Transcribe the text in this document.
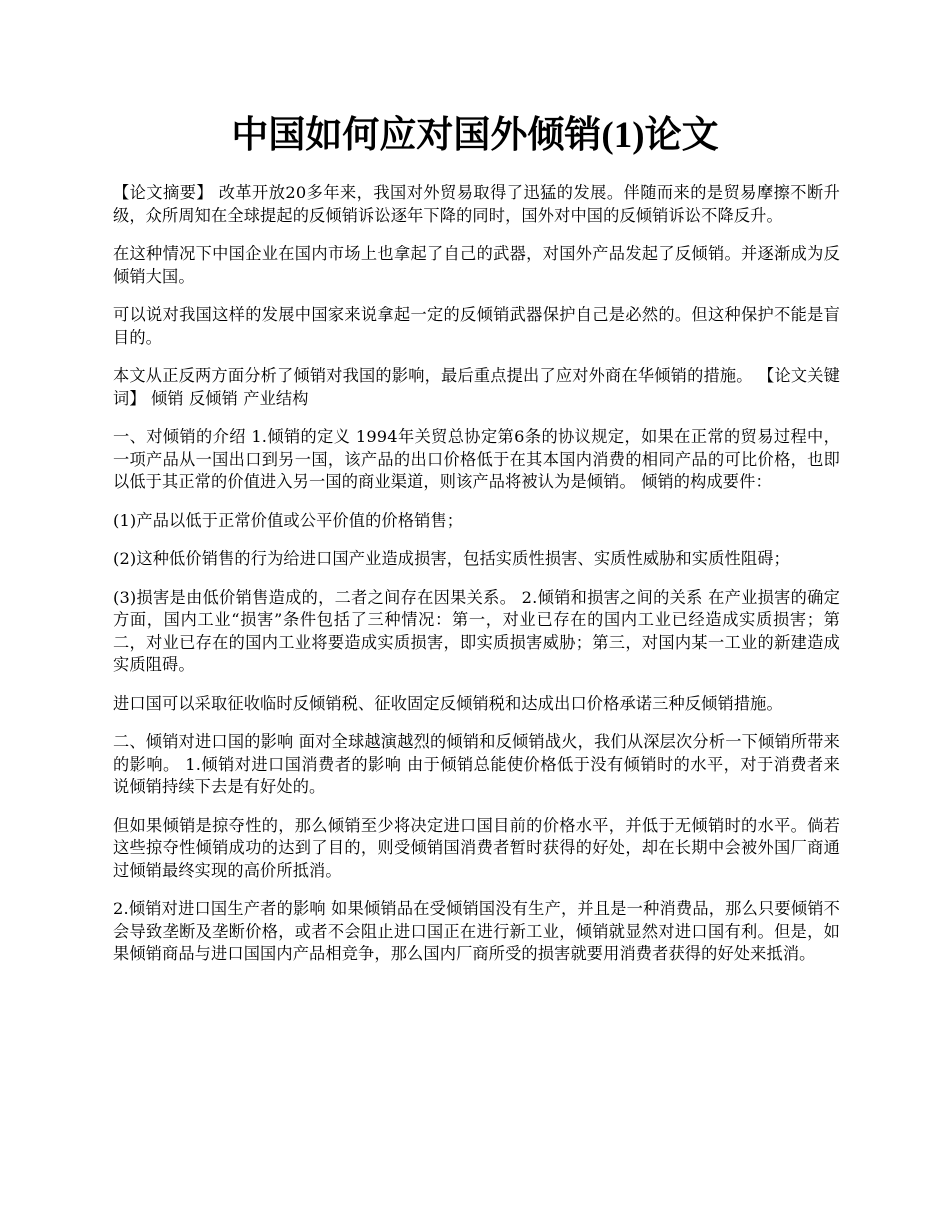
中国如何应对国外倾销(1)论文

【论文摘要】 改革开放20多年来，我国对外贸易取得了迅猛的发展。伴随而来的是贸易摩擦不断升级，众所周知在全球提起的反倾销诉讼逐年下降的同时，国外对中国的反倾销诉讼不降反升。

在这种情况下中国企业在国内市场上也拿起了自己的武器，对国外产品发起了反倾销。并逐渐成为反倾销大国。

可以说对我国这样的发展中国家来说拿起一定的反倾销武器保护自己是必然的。但这种保护不能是盲目的。

本文从正反两方面分析了倾销对我国的影响，最后重点提出了应对外商在华倾销的措施。 【论文关键词】 倾销 反倾销 产业结构

一、对倾销的介绍 1.倾销的定义 1994年关贸总协定第6条的协议规定，如果在正常的贸易过程中，一项产品从一国出口到另一国，该产品的出口价格低于在其本国内消费的相同产品的可比价格，也即以低于其正常的价值进入另一国的商业渠道，则该产品将被认为是倾销。 倾销的构成要件：

(1)产品以低于正常价值或公平价值的价格销售；

(2)这种低价销售的行为给进口国产业造成损害，包括实质性损害、实质性威胁和实质性阻碍；

(3)损害是由低价销售造成的，二者之间存在因果关系。 2.倾销和损害之间的关系 在产业损害的确定方面，国内工业“损害”条件包括了三种情况：第一，对业已存在的国内工业已经造成实质损害；第二，对业已存在的国内工业将要造成实质损害，即实质损害威胁；第三，对国内某一工业的新建造成实质阻碍。

进口国可以采取征收临时反倾销税、征收固定反倾销税和达成出口价格承诺三种反倾销措施。

二、倾销对进口国的影响 面对全球越演越烈的倾销和反倾销战火，我们从深层次分析一下倾销所带来的影响。 1.倾销对进口国消费者的影响 由于倾销总能使价格低于没有倾销时的水平，对于消费者来说倾销持续下去是有好处的。

但如果倾销是掠夺性的，那么倾销至少将决定进口国目前的价格水平，并低于无倾销时的水平。倘若这些掠夺性倾销成功的达到了目的，则受倾销国消费者暂时获得的好处，却在长期中会被外国厂商通过倾销最终实现的高价所抵消。

2.倾销对进口国生产者的影响 如果倾销品在受倾销国没有生产，并且是一种消费品，那么只要倾销不会导致垄断及垄断价格，或者不会阻止进口国正在进行新工业，倾销就显然对进口国有利。但是，如果倾销商品与进口国国内产品相竞争，那么国内厂商所受的损害就要用消费者获得的好处来抵消。
